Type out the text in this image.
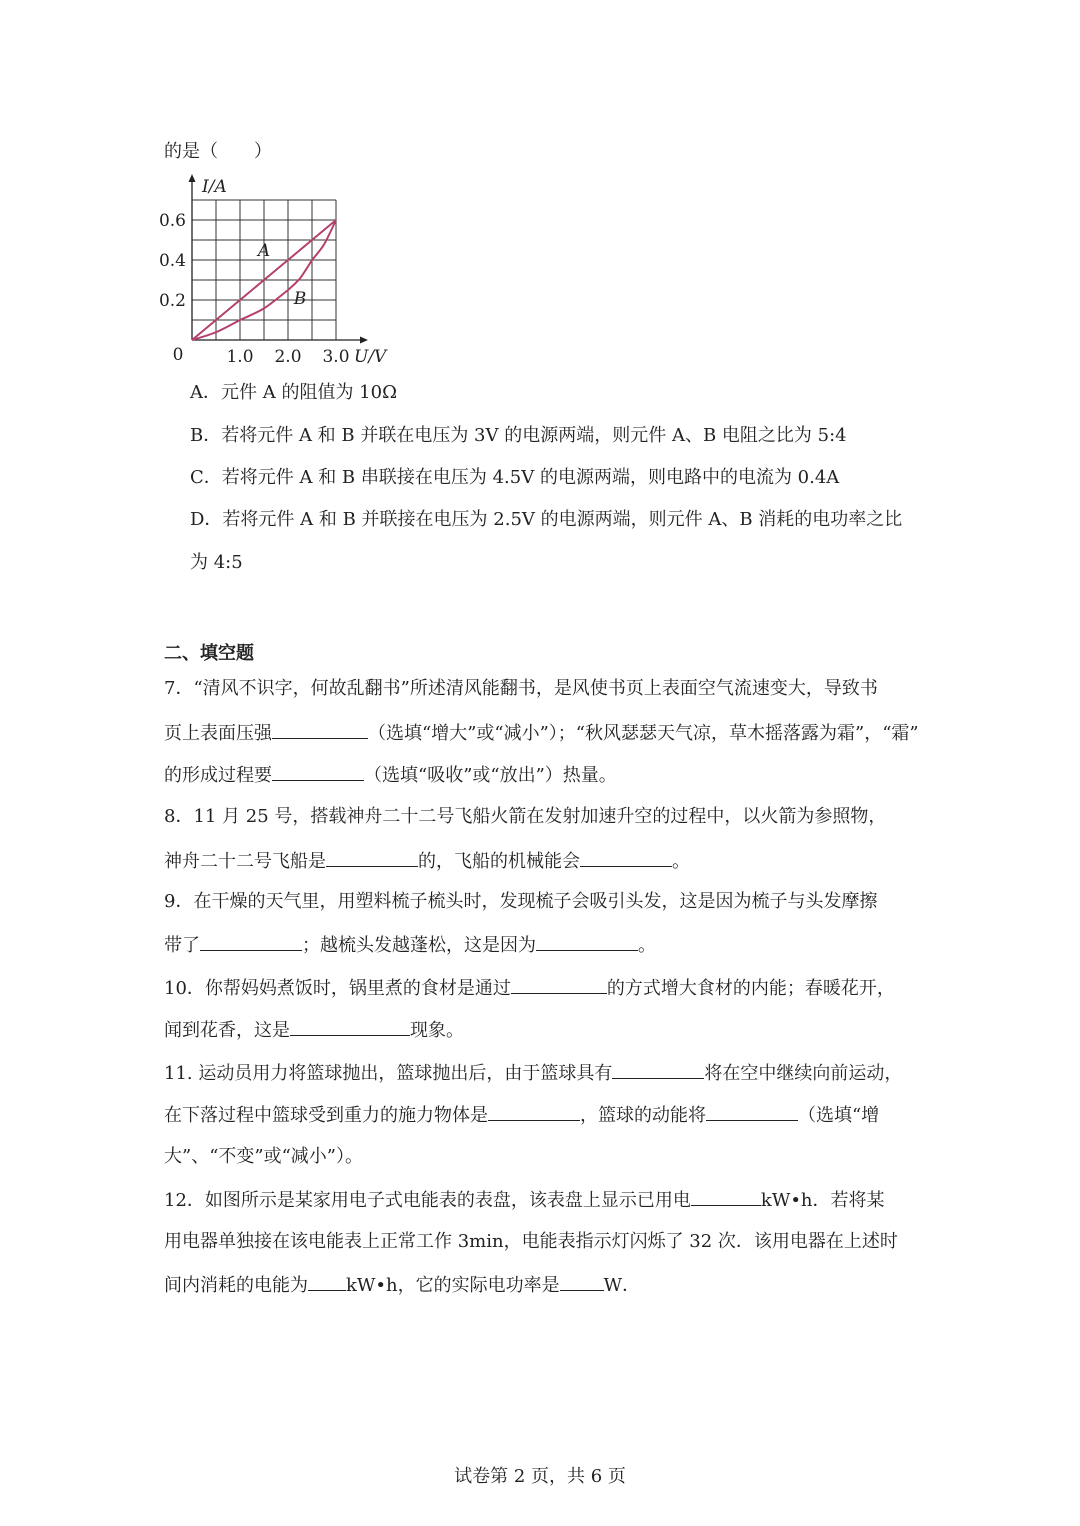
的是（　　）
1.0 2.0 3.0
0.2
0.4
0.6
0	U/V
I/A
A
B
A．元件 A 的阻值为 10Ω
B．若将元件 A 和 B 并联在电压为 3V 的电源两端，则元件 A、B 电阻之比为 5:4
C．若将元件 A 和 B 串联接在电压为 4.5V 的电源两端，则电路中的电流为 0.4A
D．若将元件 A 和 B 并联接在电压为 2.5V 的电源两端，则元件 A、B 消耗的电功率之比
为 4:5
二、填空题
7．“清风不识字，何故乱翻书”所述清风能翻书，是风使书页上表面空气流速变大，导致书
页上表面压强	（选填“增大”或“减小”）；“秋风瑟瑟天气凉，草木摇落露为霜”，“霜”
的形成过程要	（选填“吸收”或“放出”）热量。
8．11 月 25 号，搭载神舟二十二号飞船火箭在发射加速升空的过程中，以火箭为参照物，
神舟二十二号飞船是	的，飞船的机械能会	。
9．在干燥的天气里，用塑料梳子梳头时，发现梳子会吸引头发，这是因为梳子与头发摩擦
带了	；越梳头发越蓬松，这是因为	。
10．你帮妈妈煮饭时，锅里煮的食材是通过	的方式增大食材的内能；春暖花开，
闻到花香，这是	现象。
11. 运动员用力将篮球抛出，篮球抛出后，由于篮球具有	将在空中继续向前运动，
在下落过程中篮球受到重力的施力物体是	，篮球的动能将	（选填“增
大”、“不变”或“减小”）。
12．如图所示是某家用电子式电能表的表盘，该表盘上显示已用电	kW•h．若将某
用电器单独接在该电能表上正常工作 3min，电能表指示灯闪烁了 32 次．该用电器在上述时
间内消耗的电能为 kW•h，它的实际电功率是 W．
试卷第 2 页，共 6 页
